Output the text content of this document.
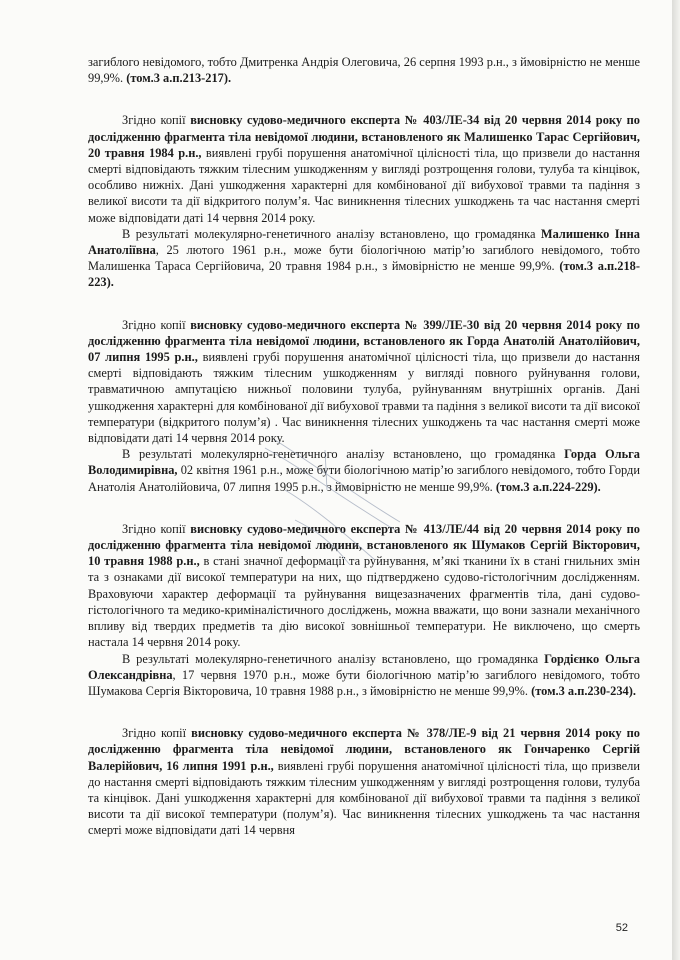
загиблого невідомого, тобто Дмитренка Андрія Олеговича, 26 серпня 1993 р.н., з ймовірністю не менше 99,9%. (том.3 а.п.213-217).

Згідно копії висновку судово-медичного експерта № 403/ЛЕ-34 від 20 червня 2014 року по дослідженню фрагмента тіла невідомої людини, встановленого як Малишенко Тарас Сергійович, 20 травня 1984 р.н., виявлені грубі порушення анатомічної цілісності тіла, що призвели до настання смерті відповідають тяжким тілесним ушкодженням у вигляді розтрощення голови, тулуба та кінцівок, особливо нижніх. Дані ушкодження характерні для комбінованої дії вибухової травми та падіння з великої висоти та дії відкритого полум’я. Час виникнення тілесних ушкоджень та час настання смерті може відповідати даті 14 червня 2014 року.

В результаті молекулярно-генетичного аналізу встановлено, що громадянка Малишенко Інна Анатоліївна, 25 лютого 1961 р.н., може бути біологічною матір’ю загиблого невідомого, тобто Малишенка Тараса Сергійовича, 20 травня 1984 р.н., з ймовірністю не менше 99,9%. (том.3 а.п.218-223).

Згідно копії висновку судово-медичного експерта № 399/ЛЕ-30 від 20 червня 2014 року по дослідженню фрагмента тіла невідомої людини, встановленого як Горда Анатолій Анатолійович, 07 липня 1995 р.н., виявлені грубі порушення анатомічної цілісності тіла, що призвели до настання смерті відповідають тяжким тілесним ушкодженням у вигляді повного руйнування голови, травматичною ампутацією нижньої половини тулуба, руйнуванням внутрішніх органів. Дані ушкодження характерні для комбінованої дії вибухової травми та падіння з великої висоти та дії високої температури (відкритого полум’я) . Час виникнення тілесних ушкоджень та час настання смерті може відповідати даті 14 червня 2014 року.

В результаті молекулярно-генетичного аналізу встановлено, що громадянка Горда Ольга Володимирівна, 02 квітня 1961 р.н., може бути біологічною матір’ю загиблого невідомого, тобто Горди Анатолія Анатолійовича, 07 липня 1995 р.н., з ймовірністю не менше 99,9%. (том.3 а.п.224-229).

Згідно копії висновку судово-медичного експерта № 413/ЛЕ/44 від 20 червня 2014 року по дослідженню фрагмента тіла невідомої людини, встановленого як Шумаков Сергій Вікторович, 10 травня 1988 р.н., в стані значної деформації та руйнування, м’які тканини їх в стані гнильних змін та з ознаками дії високої температури на них, що підтверджено судово-гістологічним дослідженням. Враховуючи характер деформації та руйнування вищезазначених фрагментів тіла, дані судово-гістологічного та медико-криміналістичного досліджень, можна вважати, що вони зазнали механічного впливу від твердих предметів та дію високої зовнішньої температури. Не виключено, що смерть настала 14 червня 2014 року.

В результаті молекулярно-генетичного аналізу встановлено, що громадянка Гордієнко Ольга Олександрівна, 17 червня 1970 р.н., може бути біологічною матір’ю загиблого невідомого, тобто Шумакова Сергія Вікторовича, 10 травня 1988 р.н., з ймовірністю не менше 99,9%. (том.3 а.п.230-234).

Згідно копії висновку судово-медичного експерта № 378/ЛЕ-9 від 21 червня 2014 року по дослідженню фрагмента тіла невідомої людини, встановленого як Гончаренко Сергій Валерійович, 16 липня 1991 р.н., виявлені грубі порушення анатомічної цілісності тіла, що призвели до настання смерті відповідають тяжким тілесним ушкодженням у вигляді розтрощення голови, тулуба та кінцівок. Дані ушкодження характерні для комбінованої дії вибухової травми та падіння з великої висоти та дії високої температури (полум’я). Час виникнення тілесних ушкоджень та час настання смерті може відповідати даті 14 червня

52
